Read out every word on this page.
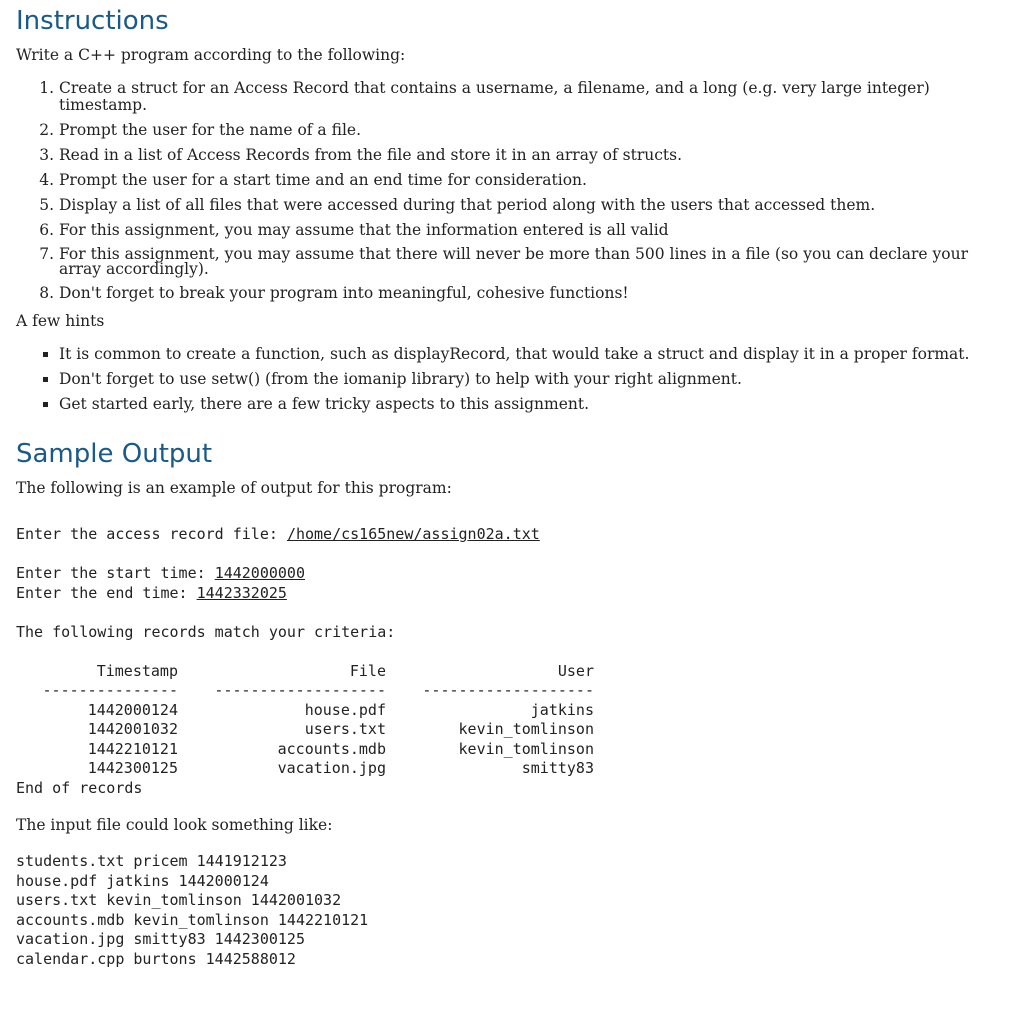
Instructions

Write a C++ program according to the following:

1. Create a struct for an Access Record that contains a username, a filename, and a long (e.g. very large integer) timestamp.
2. Prompt the user for the name of a file.
3. Read in a list of Access Records from the file and store it in an array of structs.
4. Prompt the user for a start time and an end time for consideration.
5. Display a list of all files that were accessed during that period along with the users that accessed them.
6. For this assignment, you may assume that the information entered is all valid
7. For this assignment, you may assume that there will never be more than 500 lines in a file (so you can declare your array accordingly).
8. Don't forget to break your program into meaningful, cohesive functions!

A few hints

▪ It is common to create a function, such as displayRecord, that would take a struct and display it in a proper format.
▪ Don't forget to use setw() (from the iomanip library) to help with your right alignment.
▪ Get started early, there are a few tricky aspects to this assignment.
Sample Output

The following is an example of output for this program:

Enter the access record file: /home/cs165new/assign02a.txt
Enter the start time: 1442000000
Enter the end time: 1442332025
The following records match your criteria:
Timestamp	File	User
---------------	-------------------	-------------------
1442000124	house.pdf	jatkins
1442001032	users.txt	kevin_tomlinson
1442210121	accounts.mdb	kevin_tomlinson
1442300125	vacation.jpg	smitty83
End of records

The input file could look something like:

students.txt pricem 1441912123
house.pdf jatkins 1442000124
users.txt kevin_tomlinson 1442001032
accounts.mdb kevin_tomlinson 1442210121
vacation.jpg smitty83 1442300125
calendar.cpp burtons 1442588012
